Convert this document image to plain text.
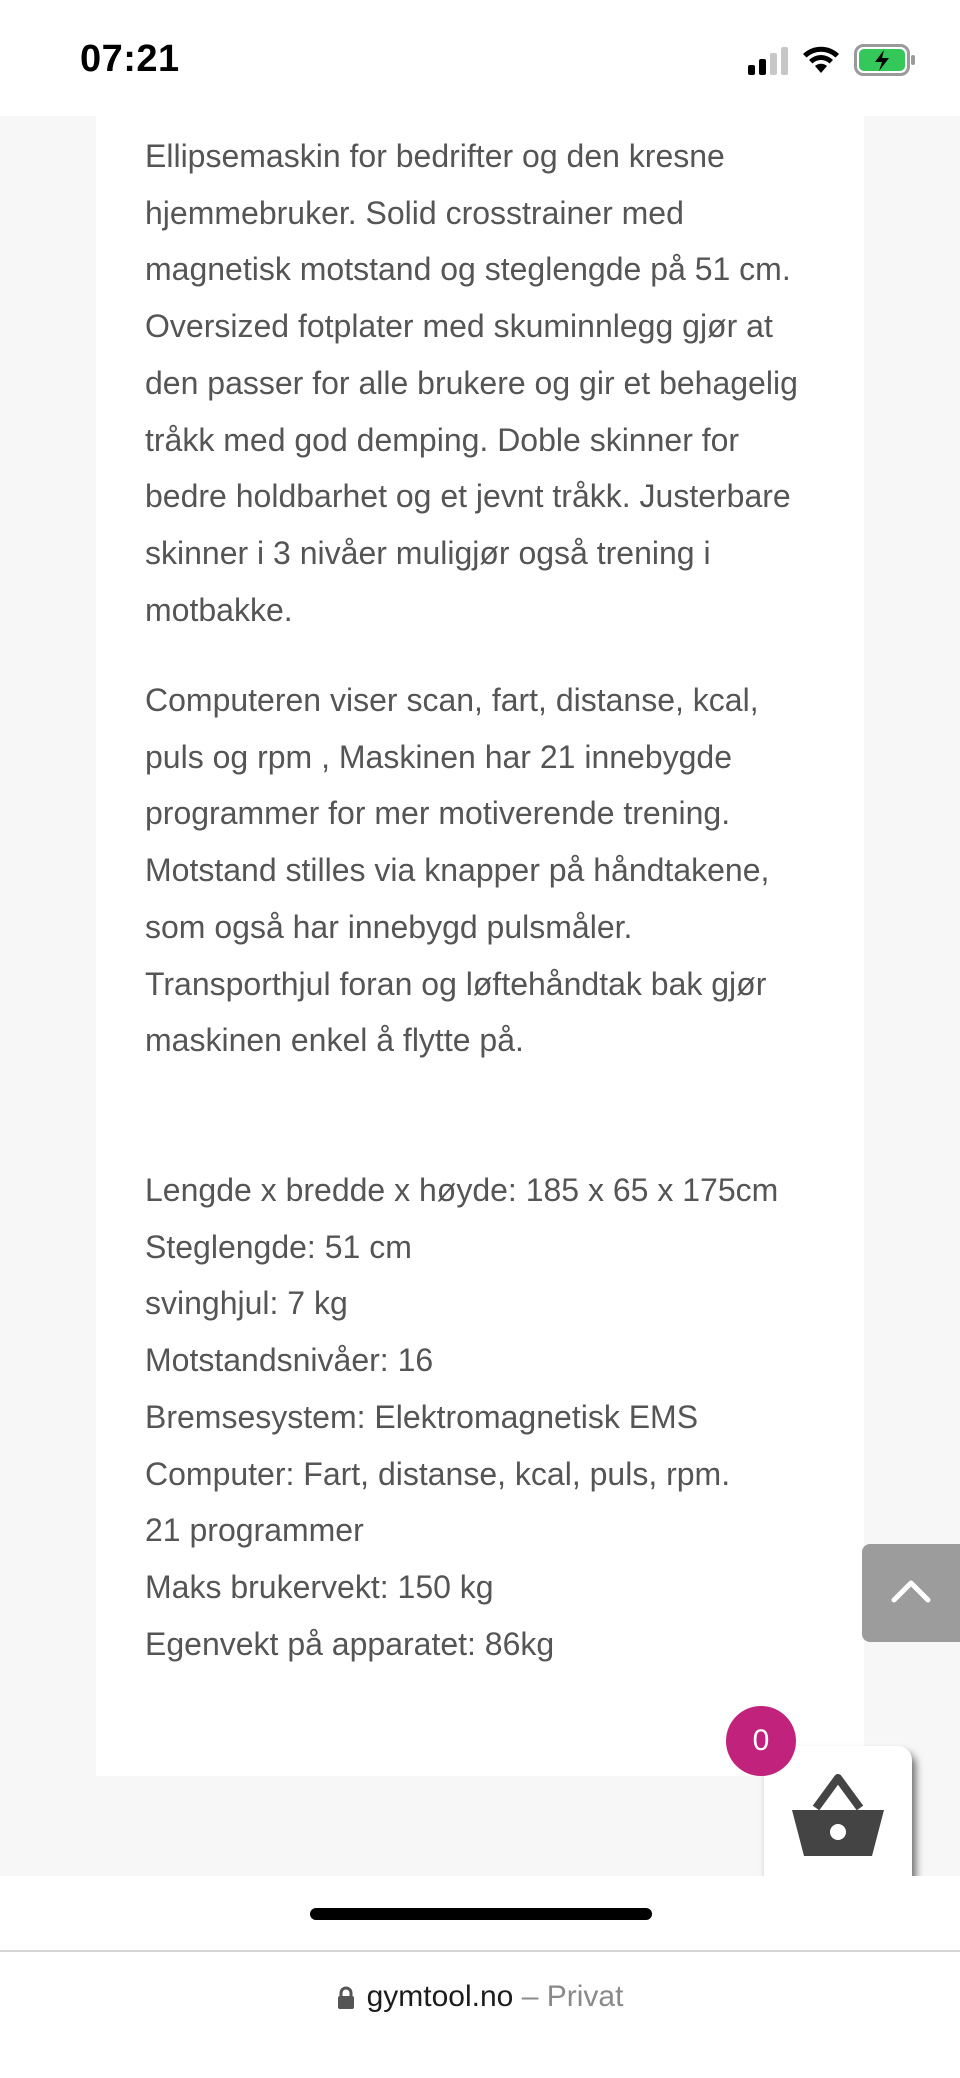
07:21

Ellipsemaskin for bedrifter og den kresne hjemmebruker. Solid crosstrainer med magnetisk motstand og steglengde på 51 cm. Oversized fotplater med skuminnlegg gjør at den passer for alle brukere og gir et behagelig tråkk med god demping. Doble skinner for bedre holdbarhet og et jevnt tråkk. Justerbare skinner i 3 nivåer muligjør også trening i motbakke.

Computeren viser scan, fart, distanse, kcal, puls og rpm , Maskinen har 21 innebygde programmer for mer motiverende trening. Motstand stilles via knapper på håndtakene, som også har innebygd pulsmåler. Transporthjul foran og løftehåndtak bak gjør maskinen enkel å flytte på.

Lengde x bredde x høyde: 185 x 65 x 175cm
Steglengde: 51 cm
svinghjul: 7 kg
Motstandsnivåer: 16
Bremsesystem: Elektromagnetisk EMS
Computer: Fart, distanse, kcal, puls, rpm.
21 programmer
Maks brukervekt: 150 kg
Egenvekt på apparatet: 86kg
0
gymtool.no – Privat
